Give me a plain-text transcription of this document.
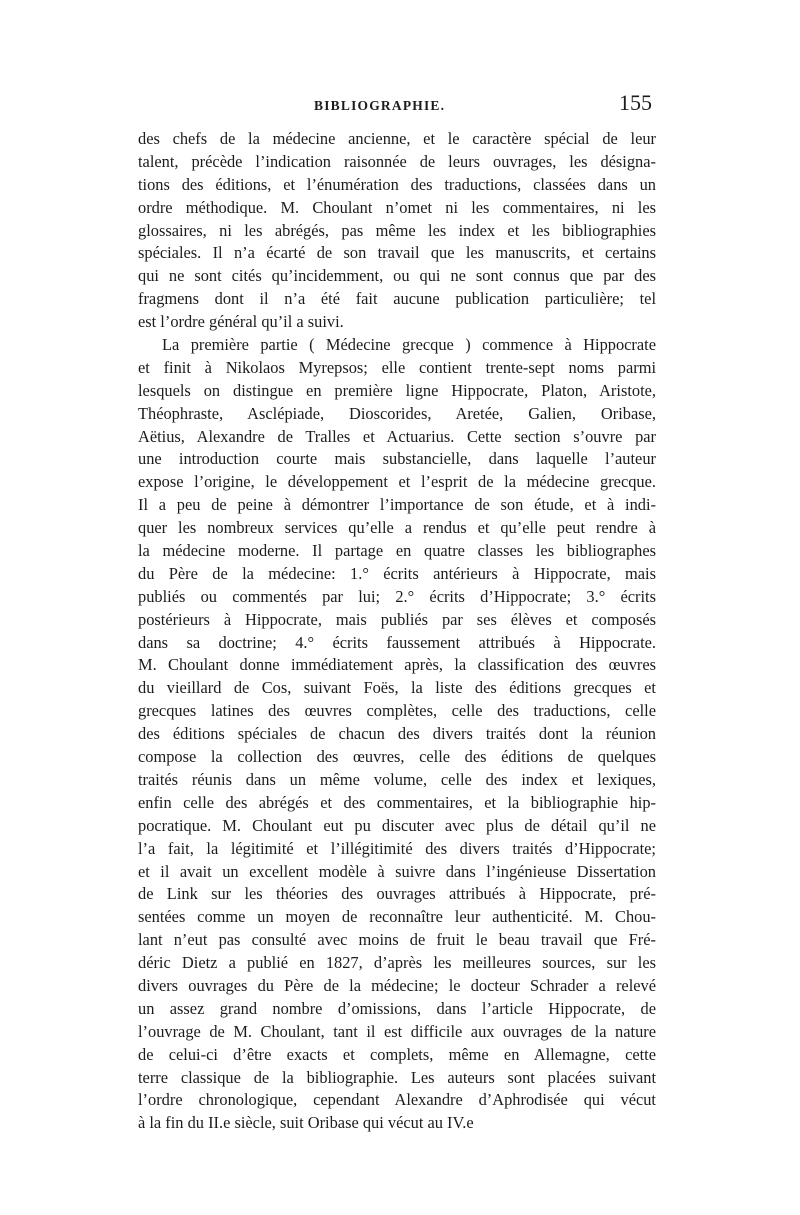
BIBLIOGRAPHIE.	155
des chefs de la médecine ancienne, et le caractère spécial de leur
talent, précède l’indication raisonnée de leurs ouvrages, les désigna-
tions des éditions, et l’énumération des traductions, classées dans un
ordre méthodique. M. Choulant n’omet ni les commentaires, ni les
glossaires, ni les abrégés, pas même les index et les bibliographies
spéciales. Il n’a écarté de son travail que les manuscrits, et certains
qui ne sont cités qu’incidemment, ou qui ne sont connus que par des
fragmens dont il n’a été fait aucune publication particulière; tel
est l’ordre général qu’il a suivi.
La première partie ( Médecine grecque ) commence à Hippocrate
et finit à Nikolaos Myrepsos; elle contient trente-sept noms parmi
lesquels on distingue en première ligne Hippocrate, Platon, Aristote,
Théophraste, Asclépiade, Dioscorides, Aretée, Galien, Oribase,
Aëtius, Alexandre de Tralles et Actuarius. Cette section s’ouvre par
une introduction courte mais substancielle, dans laquelle l’auteur
expose l’origine, le développement et l’esprit de la médecine grecque.
Il a peu de peine à démontrer l’importance de son étude, et à indi-
quer les nombreux services qu’elle a rendus et qu’elle peut rendre à
la médecine moderne. Il partage en quatre classes les bibliographes
du Père de la médecine: 1.° écrits antérieurs à Hippocrate, mais
publiés ou commentés par lui; 2.° écrits d’Hippocrate; 3.° écrits
postérieurs à Hippocrate, mais publiés par ses élèves et composés
dans sa doctrine; 4.° écrits faussement attribués à Hippocrate.
M. Choulant donne immédiatement après, la classification des œuvres
du vieillard de Cos, suivant Foës, la liste des éditions grecques et
grecques latines des œuvres complètes, celle des traductions, celle
des éditions spéciales de chacun des divers traités dont la réunion
compose la collection des œuvres, celle des éditions de quelques
traités réunis dans un même volume, celle des index et lexiques,
enfin celle des abrégés et des commentaires, et la bibliographie hip-
pocratique. M. Choulant eut pu discuter avec plus de détail qu’il ne
l’a fait, la légitimité et l’illégitimité des divers traités d’Hippocrate;
et il avait un excellent modèle à suivre dans l’ingénieuse Dissertation
de Link sur les théories des ouvrages attribués à Hippocrate, pré-
sentées comme un moyen de reconnaître leur authenticité. M. Chou-
lant n’eut pas consulté avec moins de fruit le beau travail que Fré-
déric Dietz a publié en 1827, d’après les meilleures sources, sur les
divers ouvrages du Père de la médecine; le docteur Schrader a relevé
un assez grand nombre d’omissions, dans l’article Hippocrate, de
l’ouvrage de M. Choulant, tant il est difficile aux ouvrages de la nature
de celui-ci d’être exacts et complets, même en Allemagne, cette
terre classique de la bibliographie. Les auteurs sont placées suivant
l’ordre chronologique, cependant Alexandre d’Aphrodisée qui vécut
à la fin du II.e siècle, suit Oribase qui vécut au IV.e
